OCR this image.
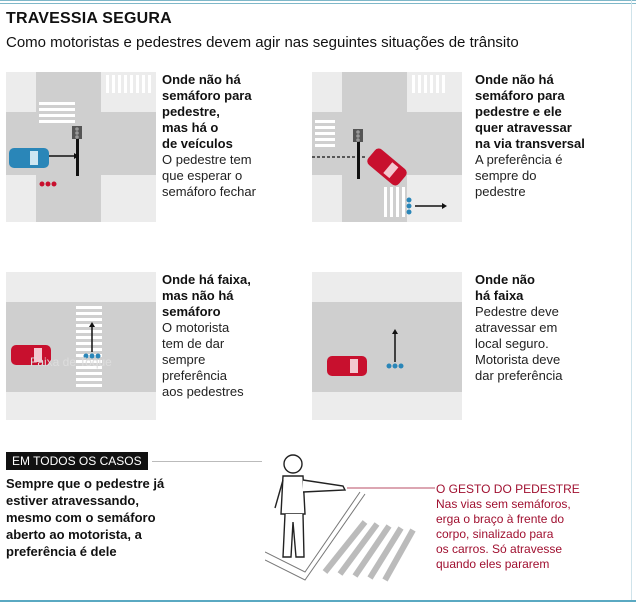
TRAVESSIA SEGURA

Como motoristas e pedestres devem agir nas seguintes situações de trânsito

Onde não há
semáforo para
pedestre,
mas há o
de veículos
O pedestre tem
que esperar o
semáforo fechar
Onde não há
semáforo para
pedestre e ele
quer atravessar
na via transversal
A preferência é
sempre do
pedestre
Faixa de Toque
Onde há faixa,
mas não há
semáforo
O motorista
tem de dar
sempre
preferência
aos pedestres
Onde não
há faixa
Pedestre deve
atravessar em
local seguro.
Motorista deve
dar preferência
EM TODOS OS CASOS
Sempre que o pedestre já
estiver atravessando,
mesmo com o semáforo
aberto ao motorista, a
preferência é dele
O GESTO DO PEDESTRE
Nas vias sem semáforos,
erga o braço à frente do
corpo, sinalizado para
os carros. Só atravesse
quando eles pararem
